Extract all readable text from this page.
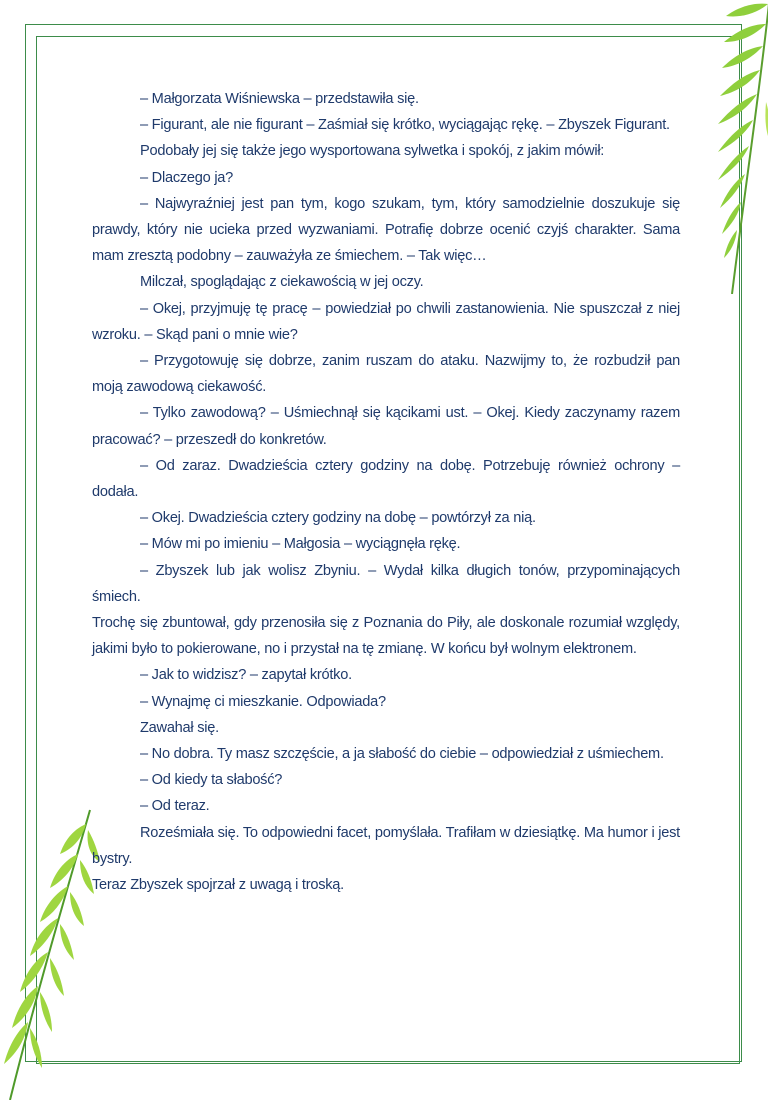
– Małgorzata Wiśniewska – przedstawiła się.

– Figurant, ale nie figurant – Zaśmiał się krótko, wyciągając rękę. – Zbyszek Figurant.

Podobały jej się także jego wysportowana sylwetka i spokój, z jakim mówił:

– Dlaczego ja?

– Najwyraźniej jest pan tym, kogo szukam, tym, który samodzielnie doszukuje się prawdy, który nie ucieka przed wyzwaniami. Potrafię dobrze ocenić czyjś charakter. Sama mam zresztą podobny – zauważyła ze śmiechem. – Tak więc…

Milczał, spoglądając z ciekawością w jej oczy.

– Okej, przyjmuję tę pracę – powiedział po chwili zastanowienia. Nie spuszczał z niej wzroku. – Skąd pani o mnie wie?

– Przygotowuję się dobrze, zanim ruszam do ataku. Nazwijmy to, że rozbudził pan moją zawodową ciekawość.

– Tylko zawodową? – Uśmiechnął się kącikami ust. – Okej. Kiedy zaczynamy razem pracować? – przeszedł do konkretów.

– Od zaraz. Dwadzieścia cztery godziny na dobę. Potrzebuję również ochrony – dodała.

– Okej. Dwadzieścia cztery godziny na dobę – powtórzył za nią.

– Mów mi po imieniu – Małgosia – wyciągnęła rękę.

– Zbyszek lub jak wolisz Zbyniu. – Wydał kilka długich tonów, przypominających śmiech.

Trochę się zbuntował, gdy przenosiła się z Poznania do Piły, ale doskonale rozumiał względy, jakimi było to pokierowane, no i przystał na tę zmianę. W końcu był wolnym elektronem.

– Jak to widzisz? – zapytał krótko.

– Wynajmę ci mieszkanie. Odpowiada?

Zawahał się.

– No dobra. Ty masz szczęście, a ja słabość do ciebie – odpowiedział z uśmiechem.

– Od kiedy ta słabość?

– Od teraz.

Roześmiała się. To odpowiedni facet, pomyślała. Trafiłam w dziesiątkę. Ma humor i jest bystry.

Teraz Zbyszek spojrzał z uwagą i troską.
